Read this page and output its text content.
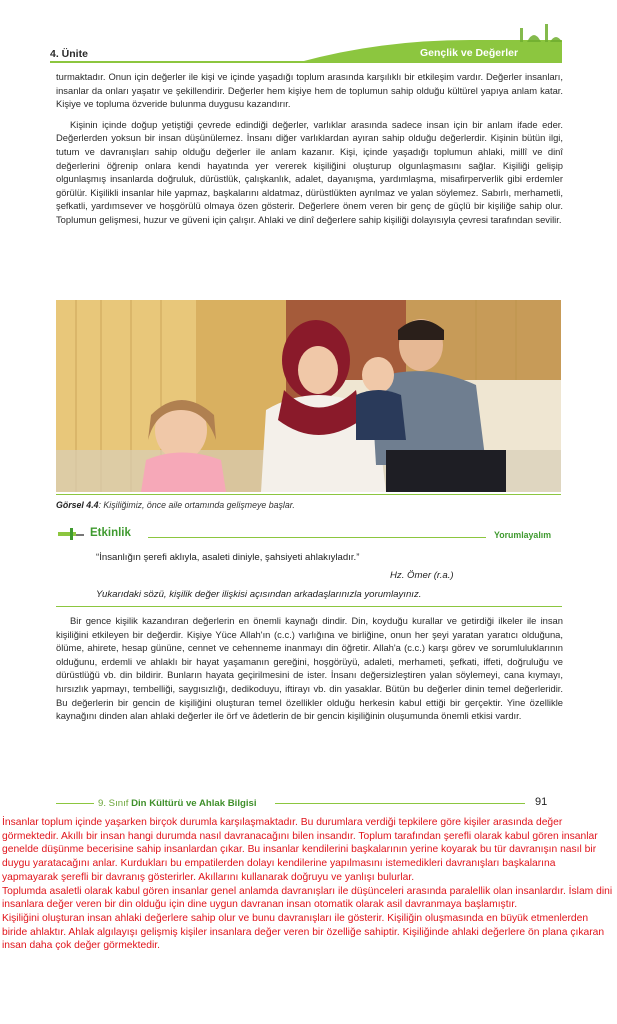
4. Ünite	Gençlik ve Değerler

turmaktadır. Onun için değerler ile kişi ve içinde yaşadığı toplum arasında karşılıklı bir etkileşim vardır. Değerler insanları, insanlar da onları yaşatır ve şekillendirir. Değerler hem kişiye hem de toplumun sahip olduğu kültürel yapıya anlam katar. Kişiye ve topluma özveride bulunma duygusu kazandırır.

Kişinin içinde doğup yetiştiği çevrede edindiği değerler, varlıklar arasında sadece insan için bir anlam ifade eder. Değerlerden yoksun bir insan düşünülemez. İnsanı diğer varlıklardan ayıran sahip olduğu değerlerdir. Kişinin bütün ilgi, tutum ve davranışları sahip olduğu değerler ile anlam kazanır. Kişi, içinde yaşadığı toplumun ahlaki, millî ve dinî değerlerini öğrenip onlara kendi hayatında yer vererek kişiliğini oluşturup olgunlaşmasını sağlar. Kişiliği gelişip olgunlaşmış insanlarda doğruluk, dürüstlük, çalışkanlık, adalet, dayanışma, yardımlaşma, misafirperverlik gibi erdemler görülür. Kişilikli insanlar hile yapmaz, başkalarını aldatmaz, dürüstlükten ayrılmaz ve yalan söylemez. Sabırlı, merhametli, şefkatli, yardımsever ve hoşgörülü olmaya özen gösterir. Değerlere önem veren bir genç de güçlü bir kişiliğe sahip olur. Toplumun gelişmesi, huzur ve güveni için çalışır. Ahlaki ve dinî değerlere sahip kişiliği dolayısıyla çevresi tarafından sevilir.

Görsel 4.4: Kişiliğimiz, önce aile ortamında gelişmeye başlar.
Etkinlik	Yorumlayalım
“İnsanlığın şerefi aklıyla, asaleti diniyle, şahsiyeti ahlakıyladır.”
Hz. Ömer (r.a.)
Yukarıdaki sözü, kişilik değer ilişkisi açısından arkadaşlarınızla yorumlayınız.
Bir gence kişilik kazandıran değerlerin en önemli kaynağı dindir. Din, koyduğu kurallar ve getirdiği ilkeler ile insan kişiliğini etkileyen bir değerdir. Kişiye Yüce Allah'ın (c.c.) varlığına ve birliğine, onun her şeyi yaratan yaratıcı olduğuna, ölüme, ahirete, hesap gününe, cennet ve cehenneme inanmayı din öğretir. Allah'a (c.c.) karşı görev ve sorumluluklarının olduğunu, erdemli ve ahlaklı bir hayat yaşamanın gereğini, hoşgörüyü, adaleti, merhameti, şefkati, iffeti, doğruluğu ve dürüstlüğü vb. din bildirir. Bunların hayata geçirilmesini de ister. İnsanı değersizleştiren yalan söylemeyi, cana kıymayı, hırsızlık yapmayı, tembelliği, saygısızlığı, dedikoduyu, iftirayı vb. din yasaklar. Bütün bu değerler dinin temel değerleridir. Bu değerlerin bir gencin de kişiliğini oluşturan temel özellikler olduğu herkesin kabul ettiği bir gerçektir. Yine özellikle kaynağını dinden alan ahlaki değerler ile örf ve âdetlerin de bir gencin kişiliğinin oluşumunda önemli etkisi vardır.
9. Sınıf Din Kültürü ve Ahlak Bilgisi	91

İnsanlar toplum içinde yaşarken birçok durumla karşılaşmaktadır. Bu durumlara verdiği tepkilere göre kişiler arasında değer görmektedir. Akıllı bir insan hangi durumda nasıl davranacağını bilen insandır. Toplum tarafından şerefli olarak kabul gören insanlar genelde düşünme becerisine sahip insanlardan çıkar. Bu insanlar kendilerini başkalarının yerine koyarak bu tür davranışın nasıl bir duygu yaratacağını anlar. Kurdukları bu empatilerden dolayı kendilerine yapılmasını istemedikleri davranışları başkalarına yapmayarak şerefli bir davranış gösterirler. Akıllarını kullanarak doğruyu ve yanlışı bulurlar.

Toplumda asaletli olarak kabul gören insanlar genel anlamda davranışları ile düşünceleri arasında paralellik olan insanlardır. İslam dini insanlara değer veren bir din olduğu için dine uygun davranan insan otomatik olarak asil davranmaya başlamıştır.

Kişiliğini oluşturan insan ahlaki değerlere sahip olur ve bunu davranışları ile gösterir. Kişiliğin oluşmasında en büyük etmenlerden biride ahlaktır. Ahlak algılayışı gelişmiş kişiler insanlara değer veren bir özelliğe sahiptir. Kişiliğinde ahlaki değerlere ön plana çıkaran insan daha çok değer görmektedir.
